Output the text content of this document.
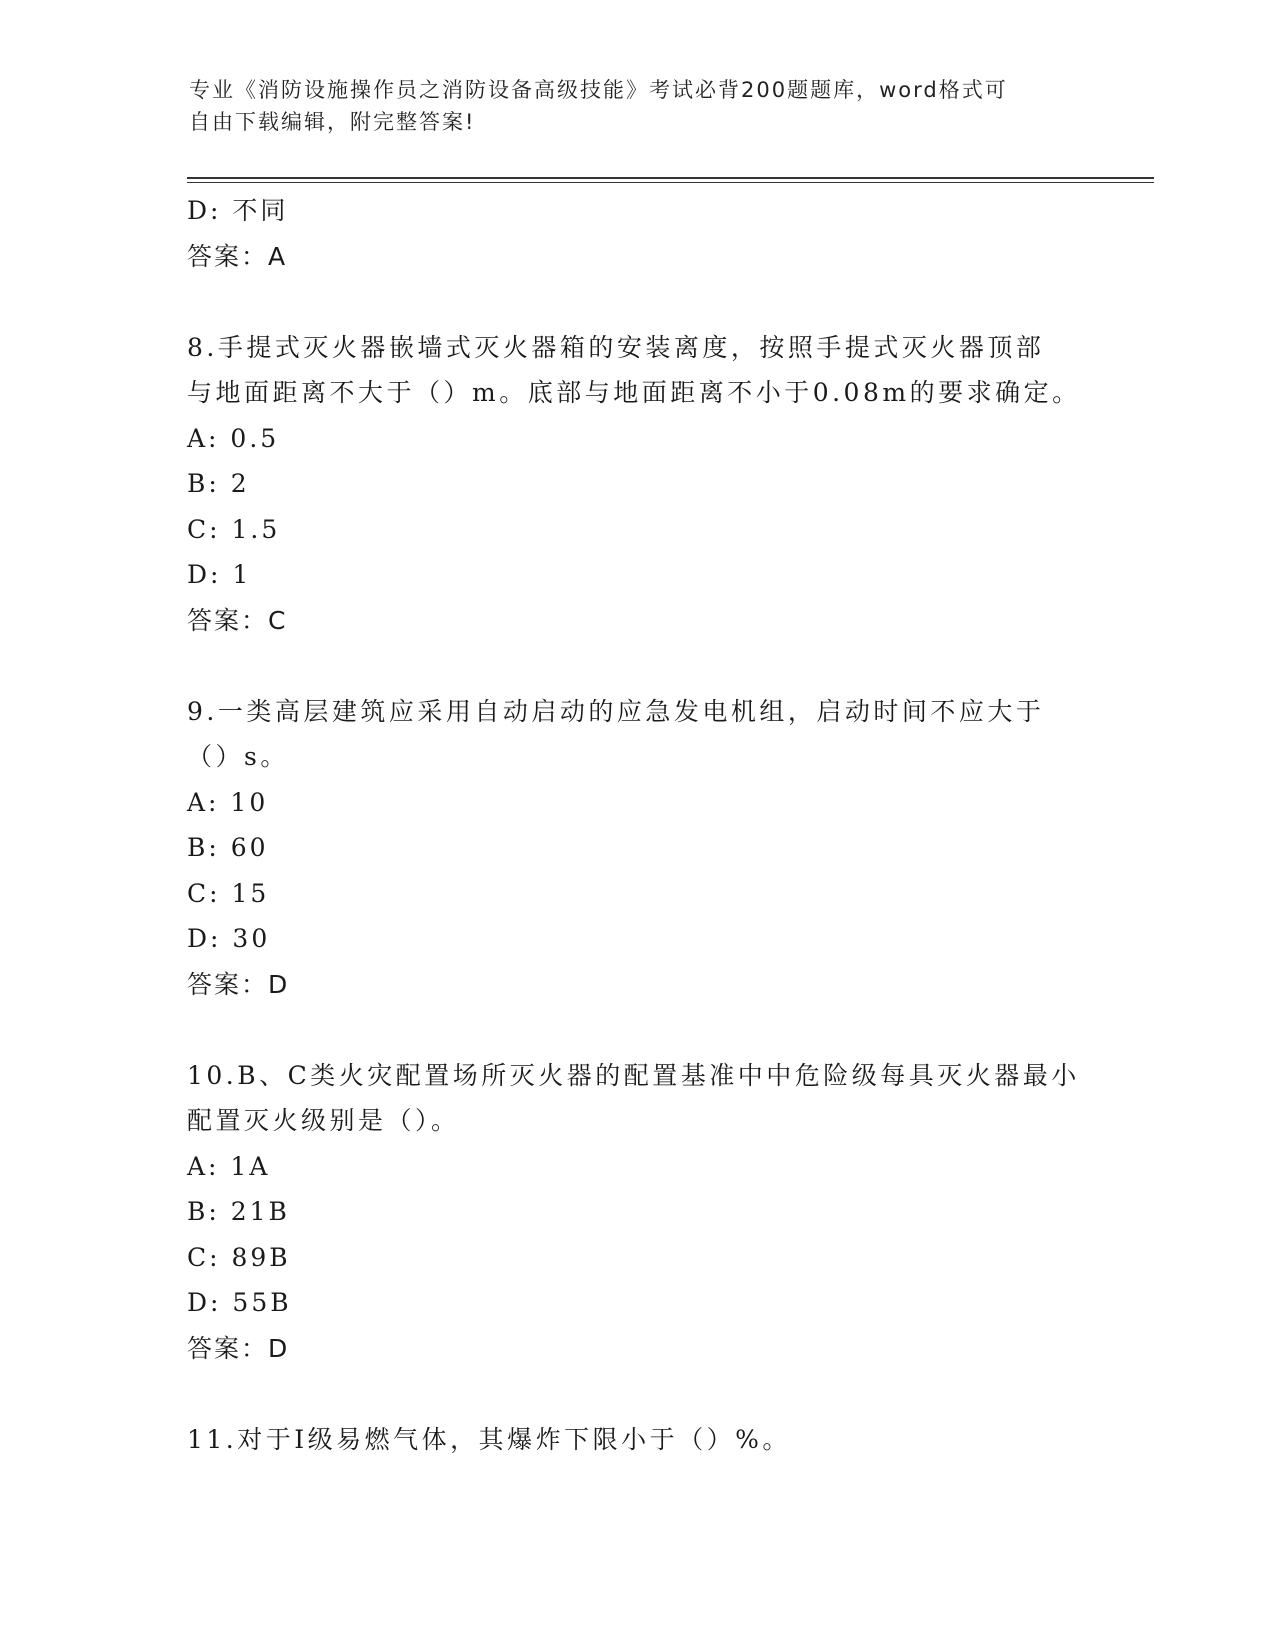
专业《消防设施操作员之消防设备高级技能》考试必背200题题库，word格式可
自由下载编辑，附完整答案!
D: 不同
答案：A
8.手提式灭火器嵌墙式灭火器箱的安装离度，按照手提式灭火器顶部
与地面距离不大于（）m。底部与地面距离不小于0.08m的要求确定。
A: 0.5
B: 2
C: 1.5
D: 1
答案：C
9.一类高层建筑应采用自动启动的应急发电机组，启动时间不应大于
（）s。
A: 10
B: 60
C: 15
D: 30
答案：D
10.B、C类火灾配置场所灭火器的配置基准中中危险级每具灭火器最小
配置灭火级别是（）。
A: 1A
B: 21B
C: 89B
D: 55B
答案：D
11.对于Ⅰ级易燃气体，其爆炸下限小于（）%。
